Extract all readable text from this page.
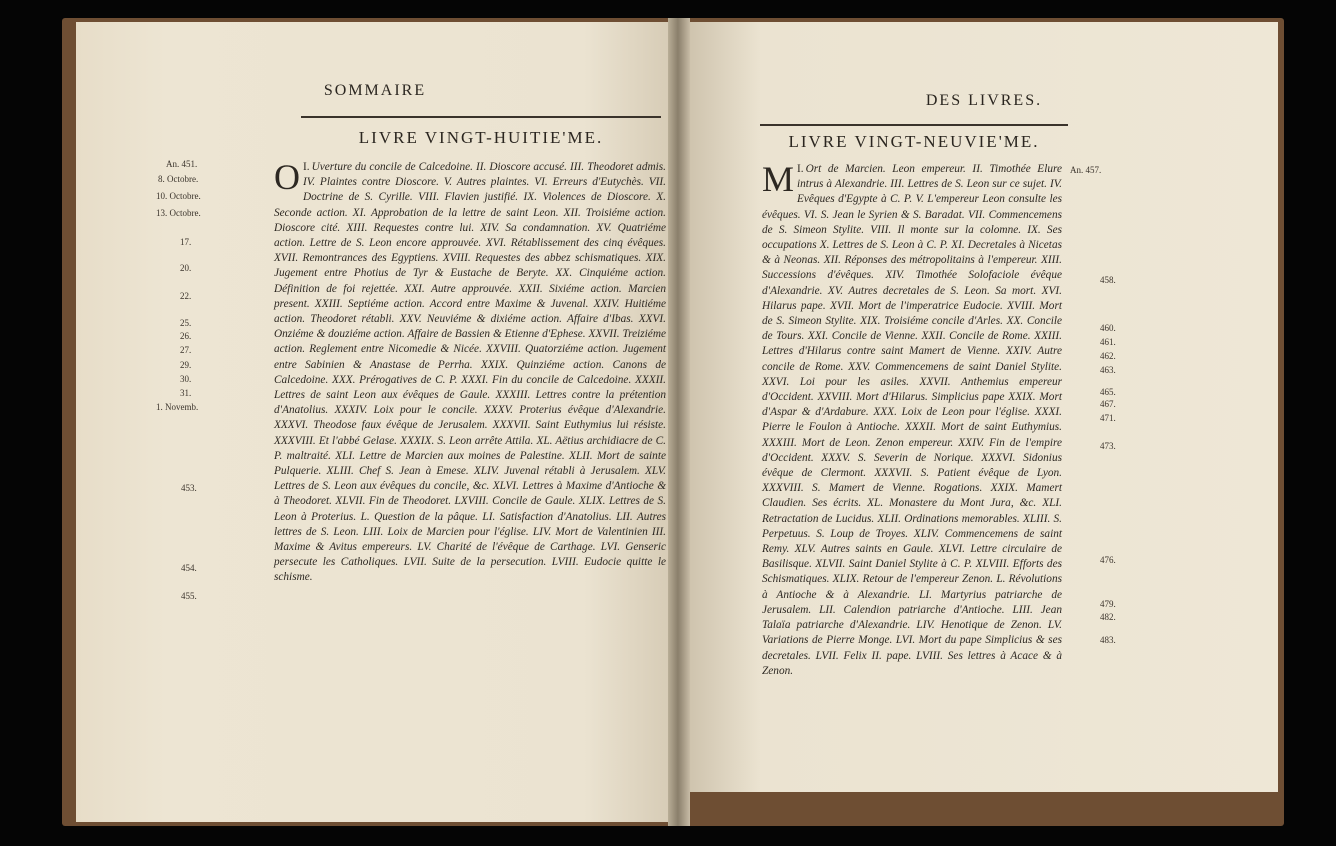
SOMMAIRE
LIVRE VINGT-HUITIE'ME.
An. 451.
8. Octobre.
10. Octobre.
13. Octobre.
17.
20.
22.
25.
26.
27.
29.
30.
31.
1. Novemb.
453.
454.
455.
I.
O Uverture du concile de Calcedoine. II. Dioscore accusé. III. Theodoret admis. IV. Plaintes contre Dioscore. V. Autres plaintes. VI. Erreurs d'Eutychès. VII. Doctrine de S. Cyrille. VIII. Flavien justifié. IX. Violences de Dioscore. X. Seconde action. XI. Approbation de la lettre de saint Leon. XII. Troisiéme action. Dioscore cité. XIII. Requestes contre lui. XIV. Sa condamnation. XV. Quatriéme action. Lettre de S. Leon encore approuvée. XVI. Rétablissement des cinq évêques. XVII. Remontrances des Egyptiens. XVIII. Requestes des abbez schismatiques. XIX. Jugement entre Photius de Tyr & Eustache de Beryte. XX. Cinquiéme action. Définition de foi rejettée. XXI. Autre approuvée. XXII. Sixiéme action. Marcien present. XXIII. Septiéme action. Accord entre Maxime & Juvenal. XXIV. Huitiéme action. Theodoret rétabli. XXV. Neuviéme & dixiéme action. Affaire d'Ibas. XXVI. Onziéme & douziéme action. Affaire de Bassien & Etienne d'Ephese. XXVII. Treiziéme action. Reglement entre Nicomedie & Nicée. XXVIII. Quatorziéme action. Jugement entre Sabinien & Anastase de Perrha. XXIX. Quinziéme action. Canons de Calcedoine. XXX. Prérogatives de C. P. XXXI. Fin du concile de Calcedoine. XXXII. Lettres de saint Leon aux évêques de Gaule. XXXIII. Lettres contre la prétention d'Anatolius. XXXIV. Loix pour le concile. XXXV. Proterius évêque d'Alexandrie. XXXVI. Theodose faux évêque de Jerusalem. XXXVII. Saint Euthymius lui résiste. XXXVIII. Et l'abbé Gelase. XXXIX. S. Leon arrête Attila. XL. Aëtius archidiacre de C. P. maltraité. XLI. Lettre de Marcien aux moines de Palestine. XLII. Mort de sainte Pulquerie. XLIII. Chef S. Jean à Emese. XLIV. Juvenal rétabli à Jerusalem. XLV. Lettres de S. Leon aux évêques du concile, &c. XLVI. Lettres à Maxime d'Antioche & à Theodoret. XLVII. Fin de Theodoret. LXVIII. Concile de Gaule. XLIX. Lettres de S. Leon à Proterius. L. Question de la pâque. LI. Satisfaction d'Anatolius. LII. Autres lettres de S. Leon. LIII. Loix de Marcien pour l'église. LIV. Mort de Valentinien III. Maxime & Avitus empereurs. LV. Charité de l'évêque de Carthage. LVI. Genseric persecute les Catholiques. LVII. Suite de la persecution. LVIII. Eudocie quitte le schisme.
DES LIVRES.
LIVRE VINGT-NEUVIE'ME.
I.
M Ort de Marcien. Leon empereur. II. Timothée Elure intrus à Alexandrie. III. Lettres de S. Leon sur ce sujet. IV. Evêques d'Egypte à C. P. V. L'empereur Leon consulte les évêques. VI. S. Jean le Syrien & S. Baradat. VII. Commencemens de S. Simeon Stylite. VIII. Il monte sur la colomne. IX. Ses occupations X. Lettres de S. Leon à C. P. XI. Decretales à Nicetas & à Neonas. XII. Réponses des métropolitains à l'empereur. XIII. Successions d'évêques. XIV. Timothée Solofaciole évêque d'Alexandrie. XV. Autres decretales de S. Leon. Sa mort. XVI. Hilarus pape. XVII. Mort de l'imperatrice Eudocie. XVIII. Mort de S. Simeon Stylite. XIX. Troisiéme concile d'Arles. XX. Concile de Tours. XXI. Concile de Vienne. XXII. Concile de Rome. XXIII. Lettres d'Hilarus contre saint Mamert de Vienne. XXIV. Autre concile de Rome. XXV. Commencemens de saint Daniel Stylite. XXVI. Loi pour les asiles. XXVII. Anthemius empereur d'Occident. XXVIII. Mort d'Hilarus. Simplicius pape XXIX. Mort d'Aspar & d'Ardabure. XXX. Loix de Leon pour l'église. XXXI. Pierre le Foulon à Antioche. XXXII. Mort de saint Euthymius. XXXIII. Mort de Leon. Zenon empereur. XXIV. Fin de l'empire d'Occident. XXXV. S. Severin de Norique. XXXVI. Sidonius évêque de Clermont. XXXVII. S. Patient évêque de Lyon. XXXVIII. S. Mamert de Vienne. Rogations. XXIX. Mamert Claudien. Ses écrits. XL. Monastere du Mont Jura, &c. XLI. Retractation de Lucidus. XLII. Ordinations memorables. XLIII. S. Perpetuus. S. Loup de Troyes. XLIV. Commencemens de saint Remy. XLV. Autres saints en Gaule. XLVI. Lettre circulaire de Basilisque. XLVII. Saint Daniel Stylite à C. P. XLVIII. Efforts des Schismatiques. XLIX. Retour de l'empereur Zenon. L. Révolutions à Antioche & à Alexandrie. LI. Martyrius patriarche de Jerusalem. LII. Calendion patriarche d'Antioche. LIII. Jean Talaïa patriarche d'Alexandrie. LIV. Henotique de Zenon. LV. Variations de Pierre Monge. LVI. Mort du pape Simplicius & ses decretales. LVII. Felix II. pape. LVIII. Ses lettres à Acace & à Zenon.
An. 457.
458.
460.
461.
462.
463.
465.
467.
471.
473.
476.
479.
482.
483.
